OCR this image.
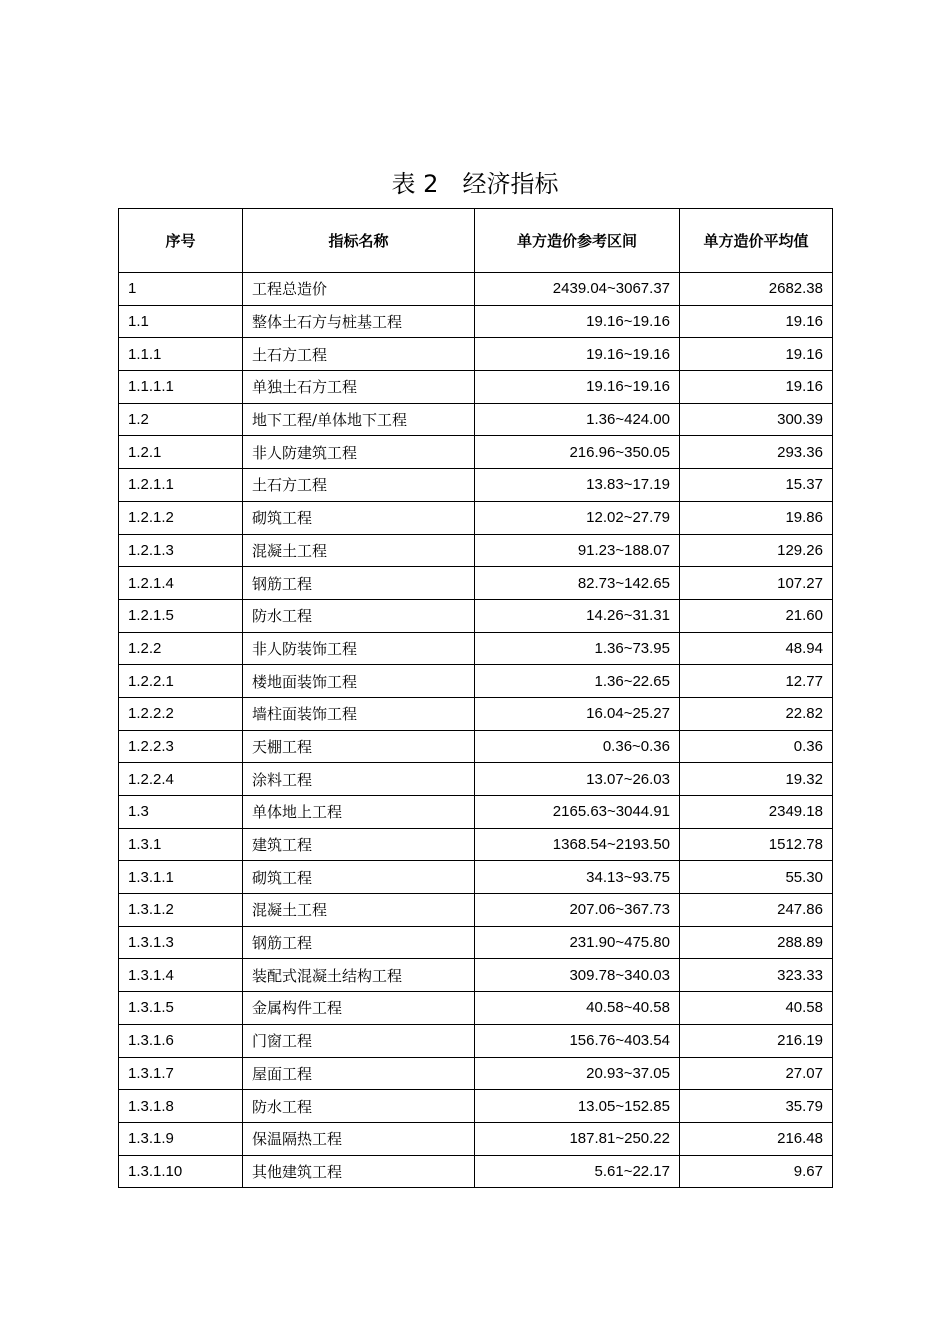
表 2　经济指标
序号	指标名称	单方造价参考区间	单方造价平均值
1	工程总造价	2439.04~3067.37	2682.38
1.1	整体土石方与桩基工程	19.16~19.16	19.16
1.1.1	土石方工程	19.16~19.16	19.16
1.1.1.1	单独土石方工程	19.16~19.16	19.16
1.2	地下工程/单体地下工程	1.36~424.00	300.39
1.2.1	非人防建筑工程	216.96~350.05	293.36
1.2.1.1	土石方工程	13.83~17.19	15.37
1.2.1.2	砌筑工程	12.02~27.79	19.86
1.2.1.3	混凝土工程	91.23~188.07	129.26
1.2.1.4	钢筋工程	82.73~142.65	107.27
1.2.1.5	防水工程	14.26~31.31	21.60
1.2.2	非人防装饰工程	1.36~73.95	48.94
1.2.2.1	楼地面装饰工程	1.36~22.65	12.77
1.2.2.2	墙柱面装饰工程	16.04~25.27	22.82
1.2.2.3	天棚工程	0.36~0.36	0.36
1.2.2.4	涂料工程	13.07~26.03	19.32
1.3	单体地上工程	2165.63~3044.91	2349.18
1.3.1	建筑工程	1368.54~2193.50	1512.78
1.3.1.1	砌筑工程	34.13~93.75	55.30
1.3.1.2	混凝土工程	207.06~367.73	247.86
1.3.1.3	钢筋工程	231.90~475.80	288.89
1.3.1.4	装配式混凝土结构工程	309.78~340.03	323.33
1.3.1.5	金属构件工程	40.58~40.58	40.58
1.3.1.6	门窗工程	156.76~403.54	216.19
1.3.1.7	屋面工程	20.93~37.05	27.07
1.3.1.8	防水工程	13.05~152.85	35.79
1.3.1.9	保温隔热工程	187.81~250.22	216.48
1.3.1.10	其他建筑工程	5.61~22.17	9.67
